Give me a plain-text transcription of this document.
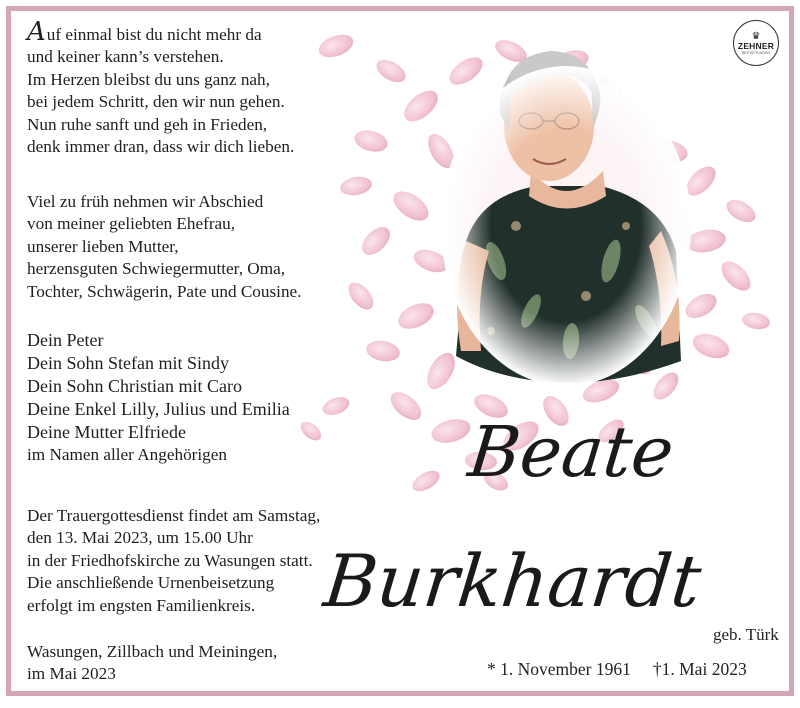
Auf einmal bist du nicht mehr da
und keiner kann’s verstehen.
Im Herzen bleibst du uns ganz nah,
bei jedem Schritt, den wir nun gehen.
Nun ruhe sanft und geh in Frieden,
denk immer dran, dass wir dich lieben.
Viel zu früh nehmen wir Abschied
von meiner geliebten Ehefrau,
unserer lieben Mutter,
herzensguten Schwiegermutter, Oma,
Tochter, Schwägerin, Pate und Cousine.
Dein Peter
Dein Sohn Stefan mit Sindy
Dein Sohn Christian mit Caro
Deine Enkel Lilly, Julius und Emilia
Deine Mutter Elfriede
im Namen aller Angehörigen
Der Trauergottesdienst findet am Samstag,
den 13. Mai 2023, um 15.00 Uhr
in der Friedhofskirche zu Wasungen statt.
Die anschließende Urnenbeisetzung
erfolgt im engsten Familienkreis.
Wasungen, Zillbach und Meiningen,
im Mai 2023
♛
ZEHNER
BESTATTUNGEN
Beate
Burkhardt
geb. Türk
* 1. November 1961 †1. Mai 2023
